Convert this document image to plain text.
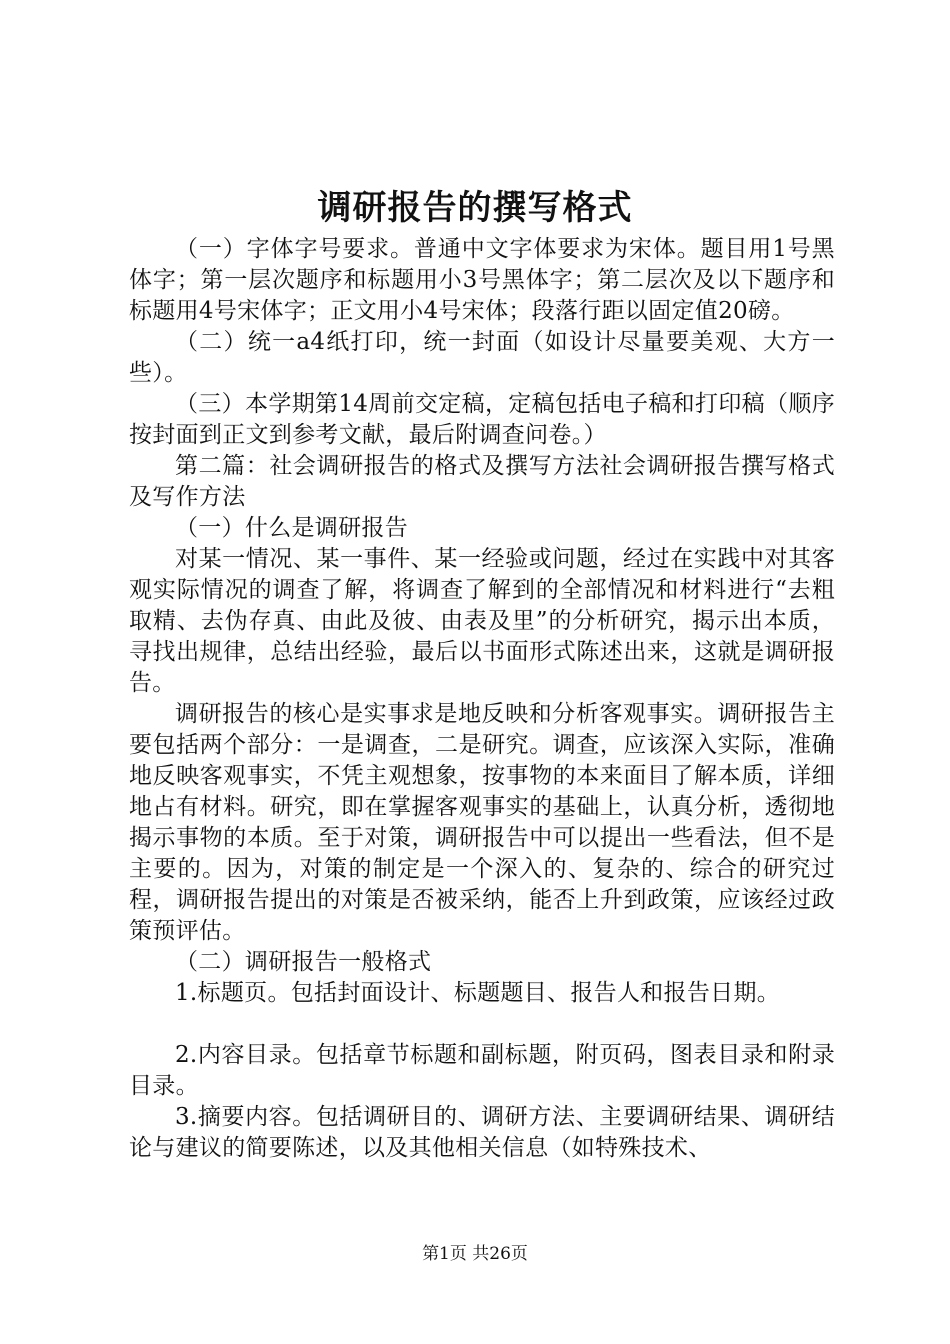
调研报告的撰写格式

（一）字体字号要求。普通中文字体要求为宋体。题目用1号黑体字；第一层次题序和标题用小3号黑体字；第二层次及以下题序和标题用4号宋体字；正文用小4号宋体；段落行距以固定值20磅。

（二）统一a4纸打印，统一封面（如设计尽量要美观、大方一些）。

（三）本学期第14周前交定稿，定稿包括电子稿和打印稿（顺序按封面到正文到参考文献，最后附调查问卷。）

第二篇：社会调研报告的格式及撰写方法社会调研报告撰写格式及写作方法

（一）什么是调研报告

对某一情况、某一事件、某一经验或问题，经过在实践中对其客观实际情况的调查了解，将调查了解到的全部情况和材料进行“去粗取精、去伪存真、由此及彼、由表及里”的分析研究，揭示出本质，寻找出规律，总结出经验，最后以书面形式陈述出来，这就是调研报告。

调研报告的核心是实事求是地反映和分析客观事实。调研报告主要包括两个部分：一是调查，二是研究。调查，应该深入实际，准确地反映客观事实，不凭主观想象，按事物的本来面目了解本质，详细地占有材料。研究，即在掌握客观事实的基础上，认真分析，透彻地揭示事物的本质。至于对策，调研报告中可以提出一些看法，但不是主要的。因为，对策的制定是一个深入的、复杂的、综合的研究过程，调研报告提出的对策是否被采纳，能否上升到政策，应该经过政策预评估。

（二）调研报告一般格式

1.标题页。包括封面设计、标题题目、报告人和报告日期。

2.内容目录。包括章节标题和副标题，附页码，图表目录和附录目录。

3.摘要内容。包括调研目的、调研方法、主要调研结果、调研结论与建议的简要陈述，以及其他相关信息（如特殊技术、

第1页 共26页
